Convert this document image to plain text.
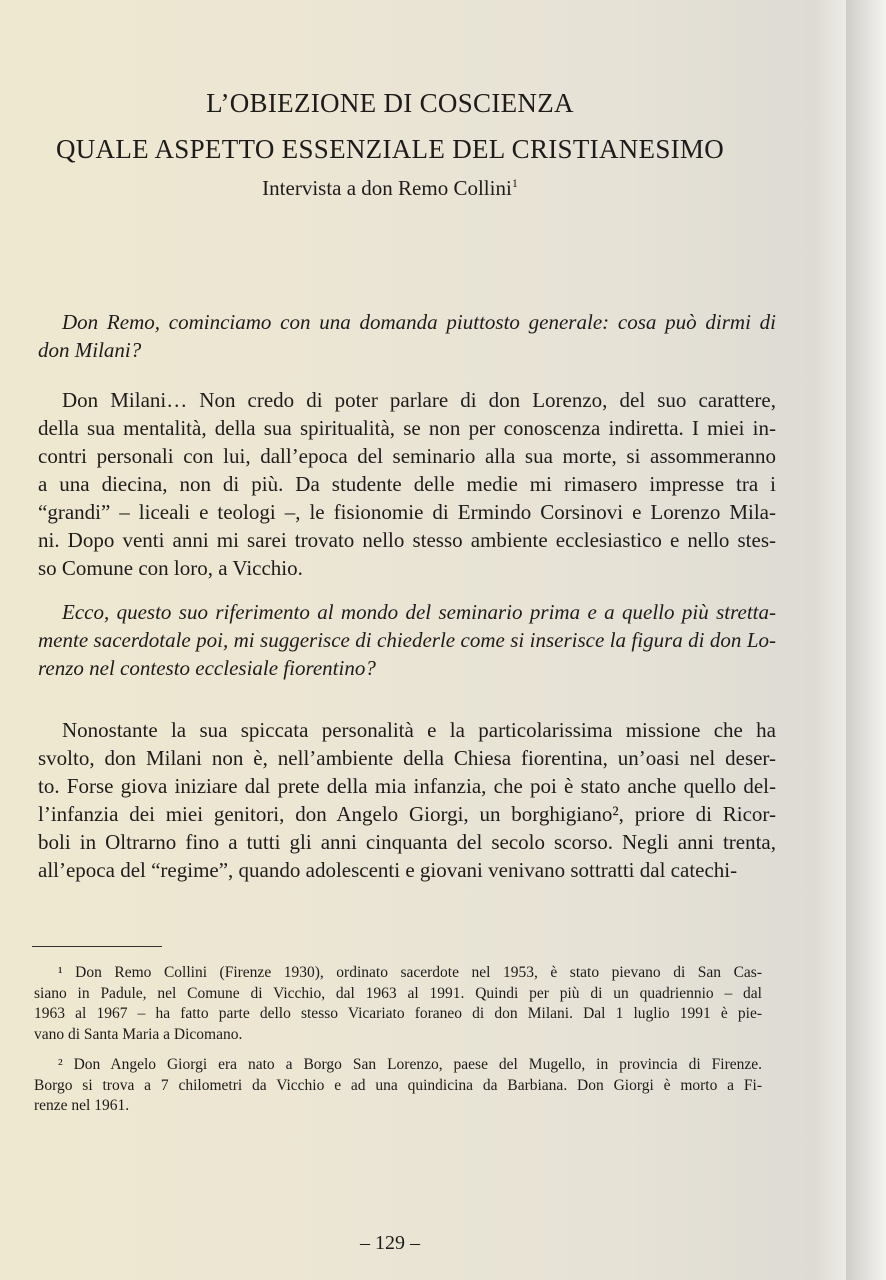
L’OBIEZIONE DI COSCIENZA
QUALE ASPETTO ESSENZIALE DEL CRISTIANESIMO
Intervista a don Remo Collini$^1$
Don Remo, cominciamo con una domanda piuttosto generale: cosa può dirmi di
don Milani?
Don Milani… Non credo di poter parlare di don Lorenzo, del suo carattere,
della sua mentalità, della sua spiritualità, se non per conoscenza indiretta. I miei in-
contri personali con lui, dall’epoca del seminario alla sua morte, si assommeranno
a una diecina, non di più. Da studente delle medie mi rimasero impresse tra i
“grandi” – liceali e teologi –, le fisionomie di Ermindo Corsinovi e Lorenzo Mila-
ni. Dopo venti anni mi sarei trovato nello stesso ambiente ecclesiastico e nello stes-
so Comune con loro, a Vicchio.
Ecco, questo suo riferimento al mondo del seminario prima e a quello più stretta-
mente sacerdotale poi, mi suggerisce di chiederle come si inserisce la figura di don Lo-
renzo nel contesto ecclesiale fiorentino?
Nonostante la sua spiccata personalità e la particolarissima missione che ha
svolto, don Milani non è, nell’ambiente della Chiesa fiorentina, un’oasi nel deser-
to. Forse giova iniziare dal prete della mia infanzia, che poi è stato anche quello del-
l’infanzia dei miei genitori, don Angelo Giorgi, un borghigiano², priore di Ricor-
boli in Oltrarno fino a tutti gli anni cinquanta del secolo scorso. Negli anni trenta,
all’epoca del “regime”, quando adolescenti e giovani venivano sottratti dal catechi-
¹ Don Remo Collini (Firenze 1930), ordinato sacerdote nel 1953, è stato pievano di San Cas-
siano in Padule, nel Comune di Vicchio, dal 1963 al 1991. Quindi per più di un quadriennio – dal
1963 al 1967 – ha fatto parte dello stesso Vicariato foraneo di don Milani. Dal 1 luglio 1991 è pie-
vano di Santa Maria a Dicomano.
² Don Angelo Giorgi era nato a Borgo San Lorenzo, paese del Mugello, in provincia di Firenze.
Borgo si trova a 7 chilometri da Vicchio e ad una quindicina da Barbiana. Don Giorgi è morto a Fi-
renze nel 1961.
– 129 –
